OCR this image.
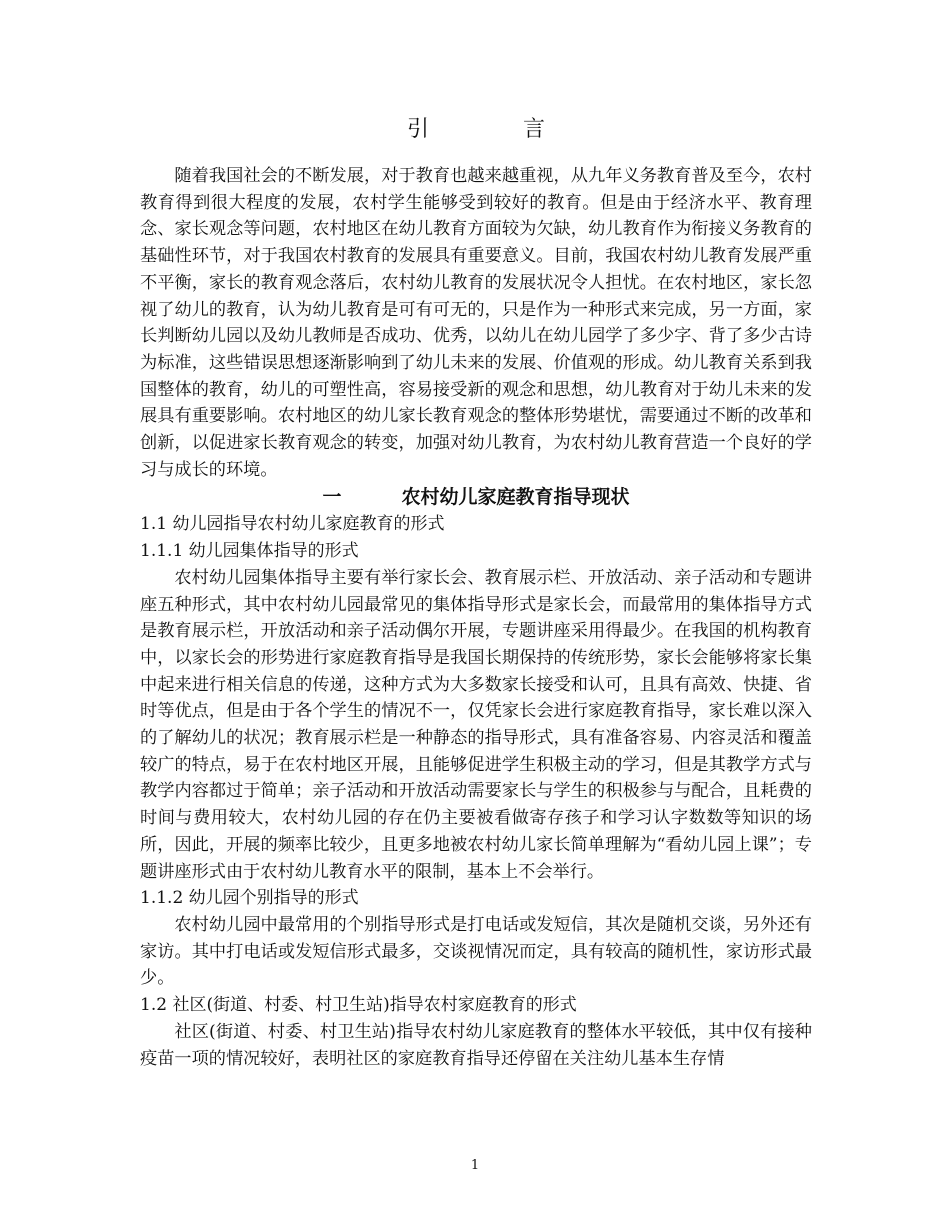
引　言

随着我国社会的不断发展，对于教育也越来越重视，从九年义务教育普及至今，农村教育得到很大程度的发展，农村学生能够受到较好的教育。但是由于经济水平、教育理念、家长观念等问题，农村地区在幼儿教育方面较为欠缺，幼儿教育作为衔接义务教育的基础性环节，对于我国农村教育的发展具有重要意义。目前，我国农村幼儿教育发展严重不平衡，家长的教育观念落后，农村幼儿教育的发展状况令人担忧。在农村地区，家长忽视了幼儿的教育，认为幼儿教育是可有可无的，只是作为一种形式来完成，另一方面，家长判断幼儿园以及幼儿教师是否成功、优秀，以幼儿在幼儿园学了多少字、背了多少古诗为标准，这些错误思想逐渐影响到了幼儿未来的发展、价值观的形成。幼儿教育关系到我国整体的教育，幼儿的可塑性高，容易接受新的观念和思想，幼儿教育对于幼儿未来的发展具有重要影响。农村地区的幼儿家长教育观念的整体形势堪忧，需要通过不断的改革和创新，以促进家长教育观念的转变，加强对幼儿教育，为农村幼儿教育营造一个良好的学习与成长的环境。

一	农村幼儿家庭教育指导现状
1.1 幼儿园指导农村幼儿家庭教育的形式
1.1.1 幼儿园集体指导的形式

农村幼儿园集体指导主要有举行家长会、教育展示栏、开放活动、亲子活动和专题讲座五种形式，其中农村幼儿园最常见的集体指导形式是家长会，而最常用的集体指导方式是教育展示栏，开放活动和亲子活动偶尔开展，专题讲座采用得最少。在我国的机构教育中，以家长会的形势进行家庭教育指导是我国长期保持的传统形势，家长会能够将家长集中起来进行相关信息的传递，这种方式为大多数家长接受和认可，且具有高效、快捷、省时等优点，但是由于各个学生的情况不一，仅凭家长会进行家庭教育指导，家长难以深入的了解幼儿的状况；教育展示栏是一种静态的指导形式，具有准备容易、内容灵活和覆盖较广的特点，易于在农村地区开展，且能够促进学生积极主动的学习，但是其教学方式与教学内容都过于简单；亲子活动和开放活动需要家长与学生的积极参与与配合，且耗费的时间与费用较大，农村幼儿园的存在仍主要被看做寄存孩子和学习认字数数等知识的场所，因此，开展的频率比较少，且更多地被农村幼儿家长简单理解为“看幼儿园上课”；专题讲座形式由于农村幼儿教育水平的限制，基本上不会举行。

1.1.2 幼儿园个别指导的形式

农村幼儿园中最常用的个别指导形式是打电话或发短信，其次是随机交谈，另外还有家访。其中打电话或发短信形式最多，交谈视情况而定，具有较高的随机性，家访形式最少。

1.2 社区(街道、村委、村卫生站)指导农村家庭教育的形式

社区(街道、村委、村卫生站)指导农村幼儿家庭教育的整体水平较低，其中仅有接种疫苗一项的情况较好，表明社区的家庭教育指导还停留在关注幼儿基本生存情

1
